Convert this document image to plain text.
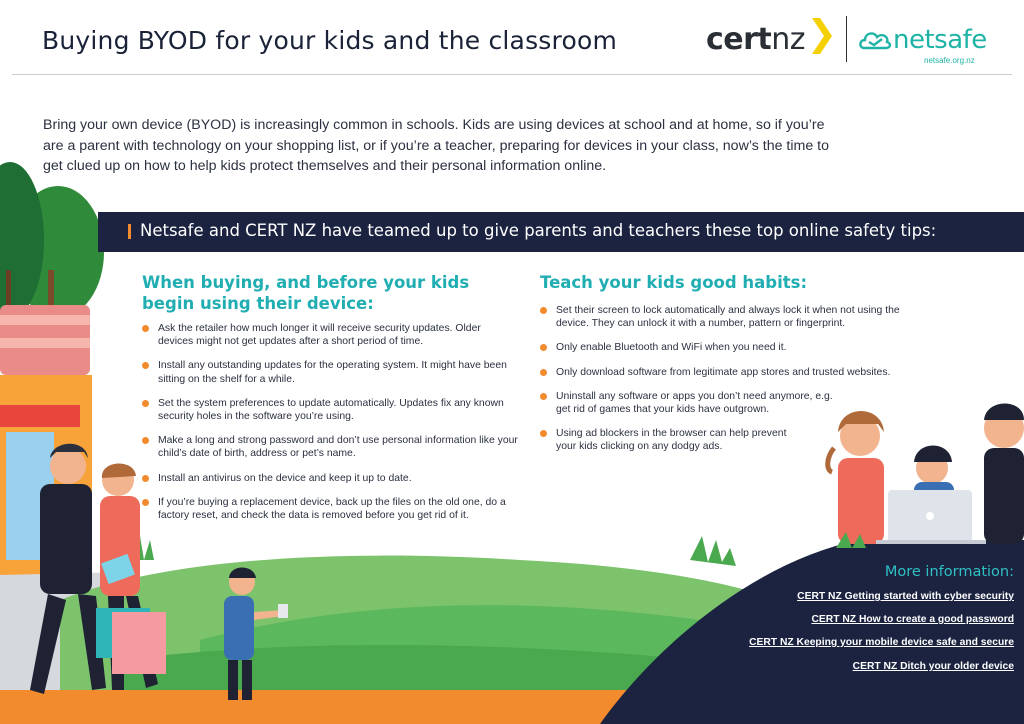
Buying BYOD for your kids and the classroom	certnz	netsafe
netsafe.org.nz

Bring your own device (BYOD) is increasingly common in schools. Kids are using devices at school and at home, so if you’re are a parent with technology on your shopping list, or if you’re a teacher, preparing for devices in your class, now’s the time to get clued up on how to help kids protect themselves and their personal information online.

Netsafe and CERT NZ have teamed up to give parents and teachers these top online safety tips:
When buying, and before your kids begin using their device:
Ask the retailer how much longer it will receive security updates. Older devices might not get updates after a short period of time.
Install any outstanding updates for the operating system. It might have been sitting on the shelf for a while.
Set the system preferences to update automatically. Updates fix any known security holes in the software you’re using.
Make a long and strong password and don’t use personal information like your child’s date of birth, address or pet’s name.
Install an antivirus on the device and keep it up to date.
If you’re buying a replacement device, back up the files on the old one, do a factory reset, and check the data is removed before you get rid of it.
Teach your kids good habits:
Set their screen to lock automatically and always lock it when not using the device. They can unlock it with a number, pattern or fingerprint.
Only enable Bluetooth and WiFi when you need it.
Only download software from legitimate app stores and trusted websites.
Uninstall any software or apps you don’t need anymore, e.g. get rid of games that your kids have outgrown.
Using ad blockers in the browser can help prevent your kids clicking on any dodgy ads.
More information:
CERT NZ Getting started with cyber security
CERT NZ How to create a good password
CERT NZ Keeping your mobile device safe and secure
CERT NZ Ditch your older device
